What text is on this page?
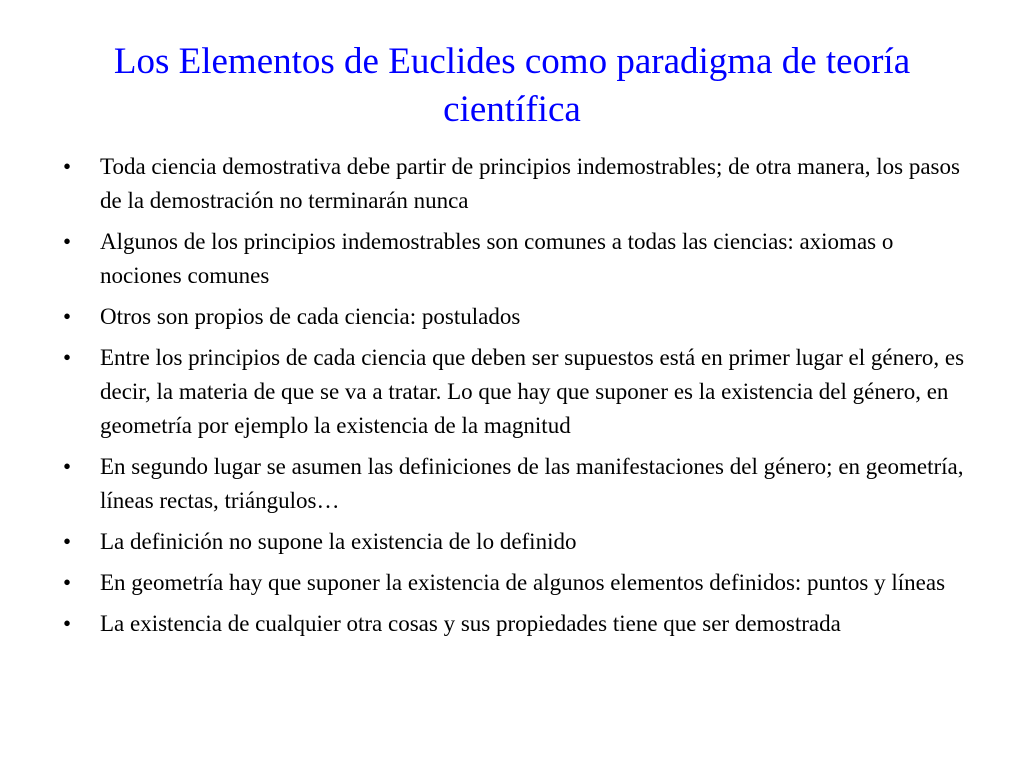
Los Elementos de Euclides como paradigma de teoría científica
• Toda ciencia demostrativa debe partir de principios indemostrables; de otra manera, los pasos de la demostración no terminarán nunca
• Algunos de los principios indemostrables son comunes a todas las ciencias: axiomas o nociones comunes
• Otros son propios de cada ciencia: postulados
• Entre los principios de cada ciencia que deben ser supuestos está en primer lugar el género, es decir, la materia de que se va a tratar. Lo que hay que suponer es la existencia del género, en geometría por ejemplo la existencia de la magnitud
• En segundo lugar se asumen las definiciones de las manifestaciones del género; en geometría, líneas rectas, triángulos…
• La definición no supone la existencia de lo definido
• En geometría hay que suponer la existencia de algunos elementos definidos: puntos y líneas
• La existencia de cualquier otra cosas y sus propiedades tiene que ser demostrada
